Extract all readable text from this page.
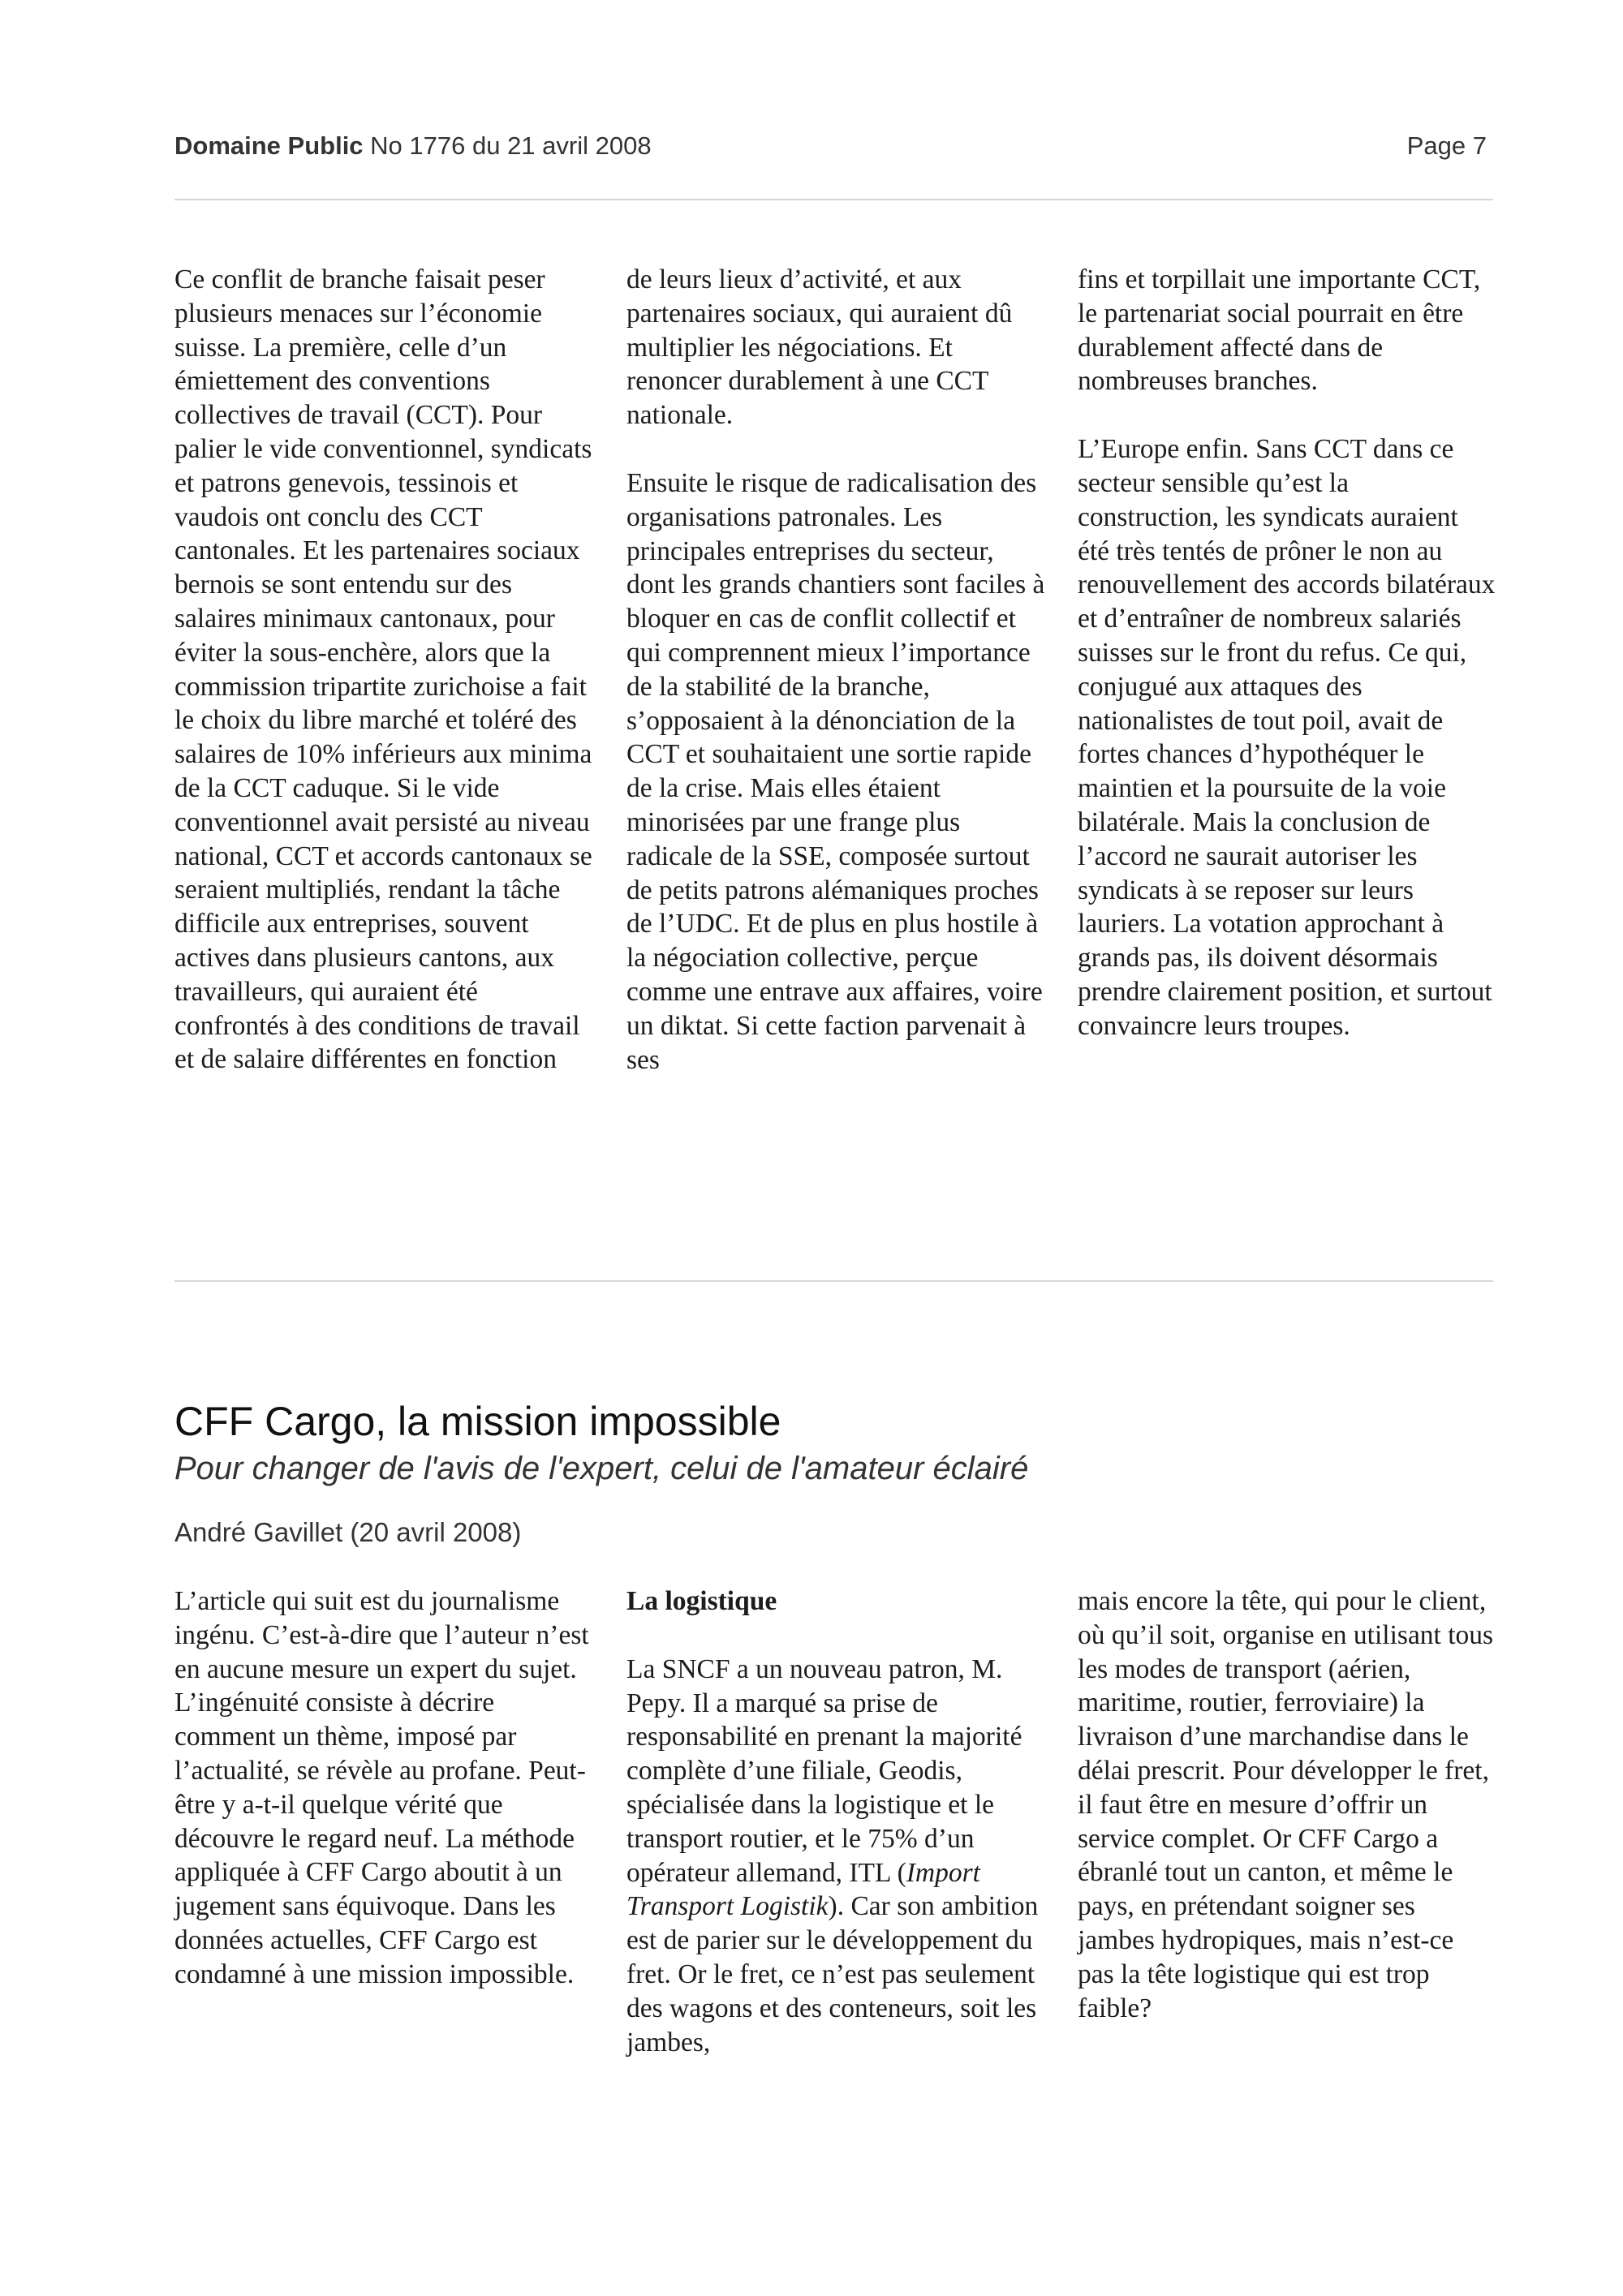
Domaine Public No 1776 du 21 avril 2008	Page 7

Ce conflit de branche faisait peser plusieurs menaces sur l’économie suisse. La première, celle d’un émiettement des conventions collectives de travail (CCT). Pour palier le vide conventionnel, syndicats et patrons genevois, tessinois et vaudois ont conclu des CCT cantonales. Et les partenaires sociaux bernois se sont entendu sur des salaires minimaux cantonaux, pour éviter la sous-enchère, alors que la commission tripartite zurichoise a fait le choix du libre marché et toléré des salaires de 10% inférieurs aux minima de la CCT caduque. Si le vide conventionnel avait persisté au niveau national, CCT et accords cantonaux se seraient multipliés, rendant la tâche difficile aux entreprises, souvent actives dans plusieurs cantons, aux travailleurs, qui auraient été confrontés à des conditions de travail et de salaire différentes en fonction

de leurs lieux d’activité, et aux partenaires sociaux, qui auraient dû multiplier les négociations. Et renoncer durablement à une CCT nationale.

Ensuite le risque de radicalisation des organisations patronales. Les principales entreprises du secteur, dont les grands chantiers sont faciles à bloquer en cas de conflit collectif et qui comprennent mieux l’importance de la stabilité de la branche, s’opposaient à la dénonciation de la CCT et souhaitaient une sortie rapide de la crise. Mais elles étaient minorisées par une frange plus radicale de la SSE, composée surtout de petits patrons alémaniques proches de l’UDC. Et de plus en plus hostile à la négociation collective, perçue comme une entrave aux affaires, voire un diktat. Si cette faction parvenait à ses

fins et torpillait une importante CCT, le partenariat social pourrait en être durablement affecté dans de nombreuses branches.

L’Europe enfin. Sans CCT dans ce secteur sensible qu’est la construction, les syndicats auraient été très tentés de prôner le non au renouvellement des accords bilatéraux et d’entraîner de nombreux salariés suisses sur le front du refus. Ce qui, conjugué aux attaques des nationalistes de tout poil, avait de fortes chances d’hypothéquer le maintien et la poursuite de la voie bilatérale. Mais la conclusion de l’accord ne saurait autoriser les syndicats à se reposer sur leurs lauriers. La votation approchant à grands pas, ils doivent désormais prendre clairement position, et surtout convaincre leurs troupes.

CFF Cargo, la mission impossible
Pour changer de l'avis de l'expert, celui de l'amateur éclairé
André Gavillet (20 avril 2008)

L’article qui suit est du journalisme ingénu. C’est-à-dire que l’auteur n’est en aucune mesure un expert du sujet. L’ingénuité consiste à décrire comment un thème, imposé par l’actualité, se révèle au profane. Peut-être y a-t-il quelque vérité que découvre le regard neuf. La méthode appliquée à CFF Cargo aboutit à un jugement sans équivoque. Dans les données actuelles, CFF Cargo est condamné à une mission impossible.

La logistique

La SNCF a un nouveau patron, M. Pepy. Il a marqué sa prise de responsabilité en prenant la majorité complète d’une filiale, Geodis, spécialisée dans la logistique et le transport routier, et le 75% d’un opérateur allemand, ITL (Import Transport Logistik). Car son ambition est de parier sur le développement du fret. Or le fret, ce n’est pas seulement des wagons et des conteneurs, soit les jambes,

mais encore la tête, qui pour le client, où qu’il soit, organise en utilisant tous les modes de transport (aérien, maritime, routier, ferroviaire) la livraison d’une marchandise dans le délai prescrit. Pour développer le fret, il faut être en mesure d’offrir un service complet. Or CFF Cargo a ébranlé tout un canton, et même le pays, en prétendant soigner ses jambes hydropiques, mais n’est-ce pas la tête logistique qui est trop faible?
